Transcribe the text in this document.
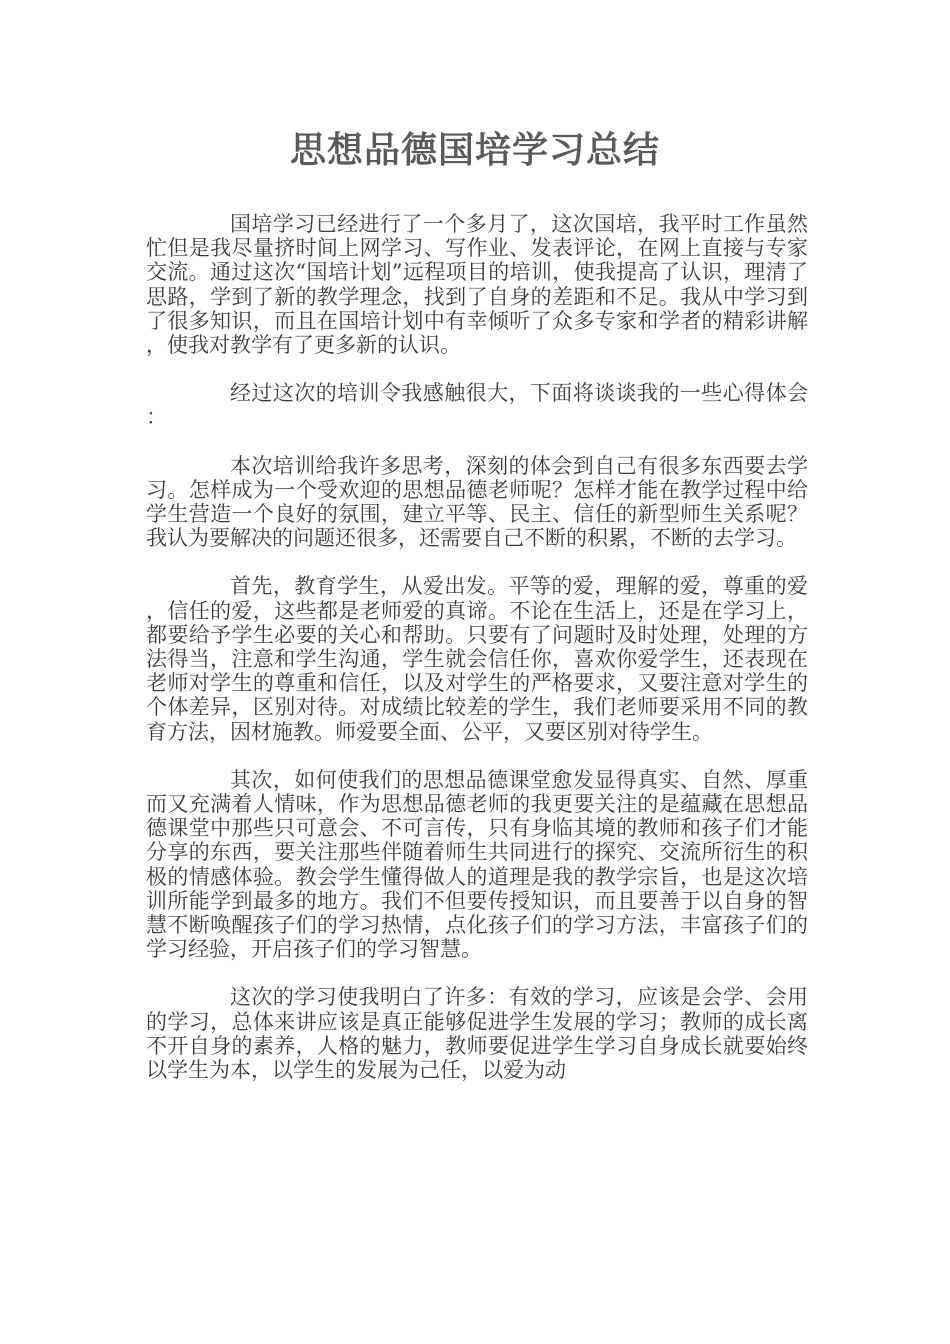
思想品德国培学习总结

国培学习已经进行了一个多月了，这次国培，我平时工作虽然忙但是我尽量挤时间上网学习、写作业、发表评论，在网上直接与专家交流。通过这次“国培计划”远程项目的培训，使我提高了认识，理清了思路，学到了新的教学理念，找到了自身的差距和不足。我从中学习到了很多知识，而且在国培计划中有幸倾听了众多专家和学者的精彩讲解，使我对教学有了更多新的认识。

经过这次的培训令我感触很大，下面将谈谈我的一些心得体会：

本次培训给我许多思考，深刻的体会到自己有很多东西要去学习。怎样成为一个受欢迎的思想品德老师呢？怎样才能在教学过程中给学生营造一个良好的氛围，建立平等、民主、信任的新型师生关系呢？我认为要解决的问题还很多，还需要自己不断的积累，不断的去学习。

首先，教育学生，从爱出发。平等的爱，理解的爱，尊重的爱，信任的爱，这些都是老师爱的真谛。不论在生活上，还是在学习上，都要给予学生必要的关心和帮助。只要有了问题时及时处理，处理的方法得当，注意和学生沟通，学生就会信任你，喜欢你爱学生，还表现在老师对学生的尊重和信任，以及对学生的严格要求，又要注意对学生的个体差异，区别对待。对成绩比较差的学生，我们老师要采用不同的教育方法，因材施教。师爱要全面、公平，又要区别对待学生。

其次，如何使我们的思想品德课堂愈发显得真实、自然、厚重而又充满着人情味，作为思想品德老师的我更要关注的是蕴藏在思想品德课堂中那些只可意会、不可言传，只有身临其境的教师和孩子们才能分享的东西，要关注那些伴随着师生共同进行的探究、交流所衍生的积极的情感体验。教会学生懂得做人的道理是我的教学宗旨，也是这次培训所能学到最多的地方。我们不但要传授知识，而且要善于以自身的智慧不断唤醒孩子们的学习热情，点化孩子们的学习方法，丰富孩子们的学习经验，开启孩子们的学习智慧。

这次的学习使我明白了许多：有效的学习，应该是会学、会用的学习，总体来讲应该是真正能够促进学生发展的学习；教师的成长离不开自身的素养，人格的魅力，教师要促进学生学习自身成长就要始终以学生为本，以学生的发展为己任，以爱为动
